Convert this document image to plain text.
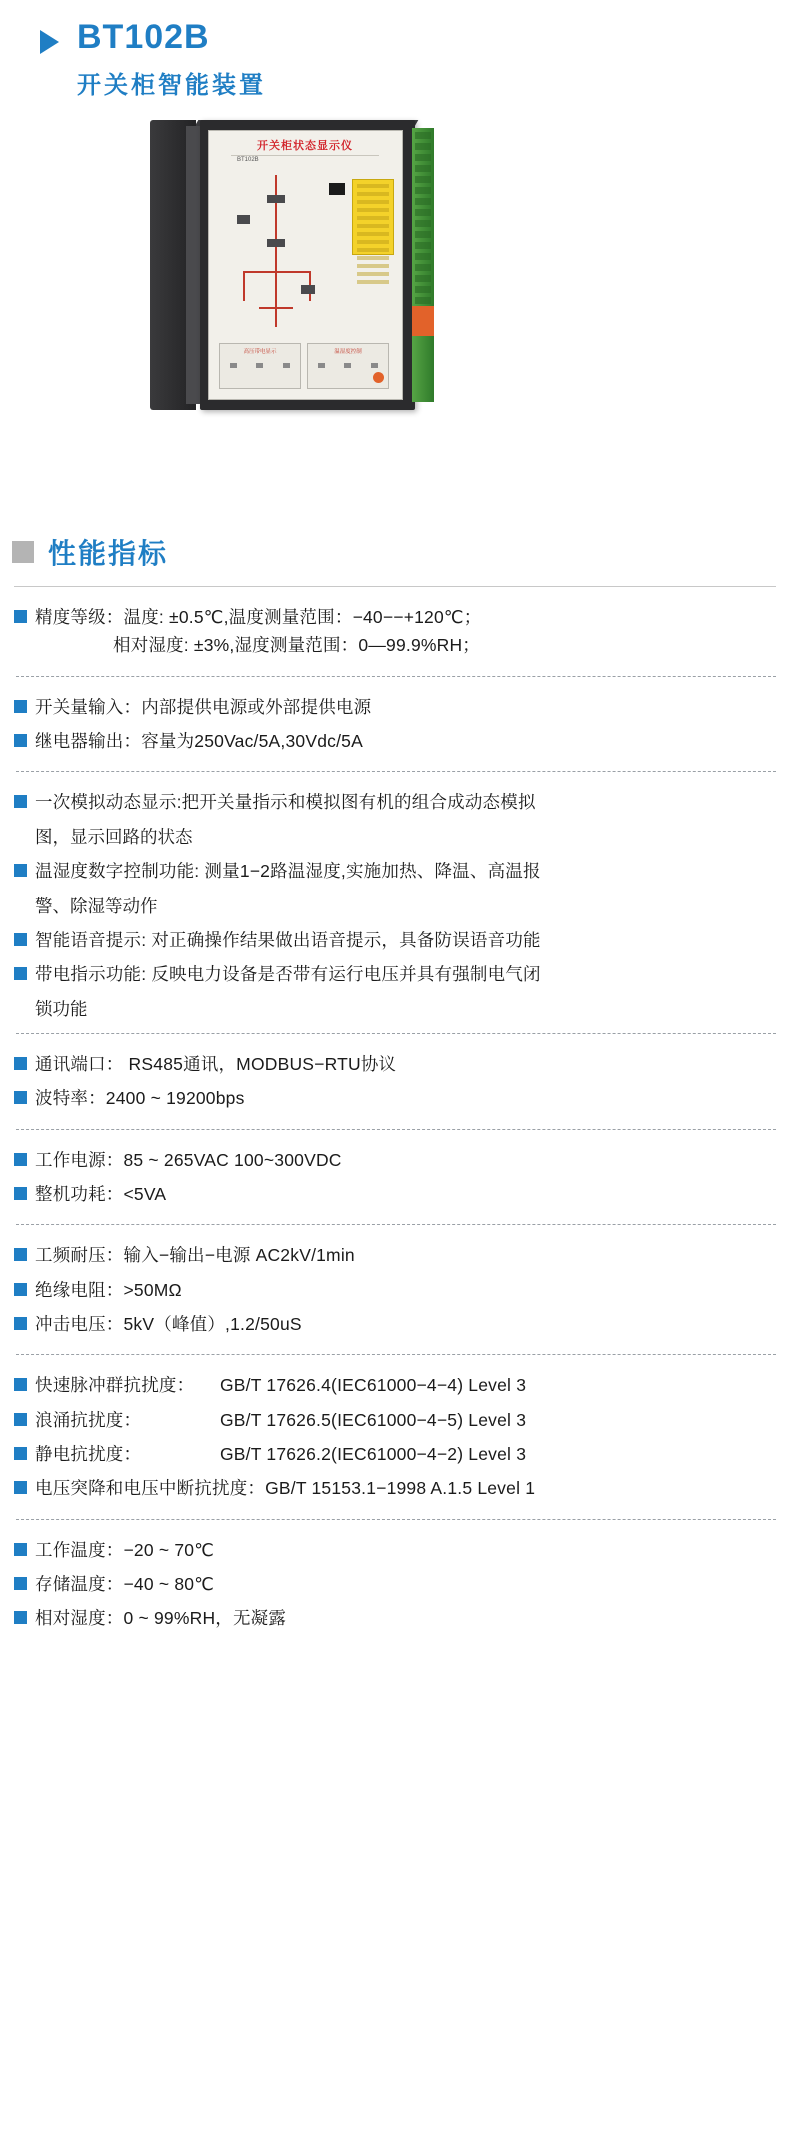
BT102B
开关柜智能装置
开关柜状态显示仪
BT102B
高压带电显示	温湿度控制
性能指标
精度等级：温度: ±0.5℃,温度测量范围：−40−−+120℃；
相对湿度: ±3%,湿度测量范围：0—99.9%RH；
开关量输入：内部提供电源或外部提供电源
继电器输出：容量为250Vac/5A,30Vdc/5A
一次模拟动态显示:把开关量指示和模拟图有机的组合成动态模拟
图，显示回路的状态
温湿度数字控制功能: 测量1−2路温湿度,实施加热、降温、高温报
警、除湿等动作
智能语音提示: 对正确操作结果做出语音提示，具备防误语音功能
带电指示功能: 反映电力设备是否带有运行电压并具有强制电气闭
锁功能
通讯端口： RS485通讯，MODBUS−RTU协议
波特率：2400 ~ 19200bps
工作电源：85 ~ 265VAC 100~300VDC
整机功耗：<5VA
工频耐压：输入−输出−电源 AC2kV/1min
绝缘电阻：>50MΩ
冲击电压：5kV（峰值）,1.2/50uS
快速脉冲群抗扰度： GB/T 17626.4(IEC61000−4−4) Level 3
浪涌抗扰度：	GB/T 17626.5(IEC61000−4−5) Level 3
静电抗扰度：	GB/T 17626.2(IEC61000−4−2) Level 3
电压突降和电压中断抗扰度：GB/T 15153.1−1998 A.1.5 Level 1
工作温度：−20 ~ 70℃
存储温度：−40 ~ 80℃
相对湿度：0 ~ 99%RH，无凝露
